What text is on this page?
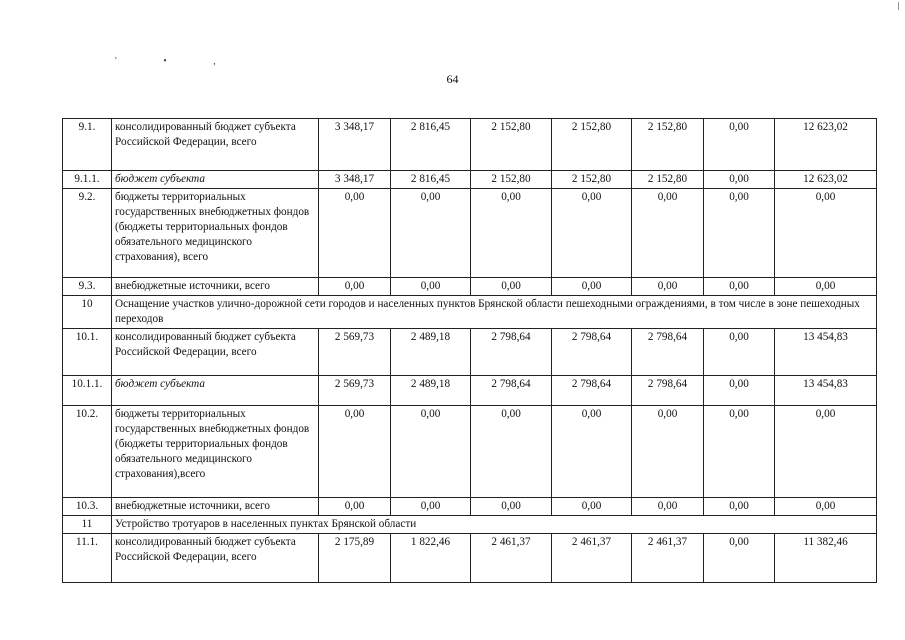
' • ,
64
9.1.	консолидированный бюджет субъекта Российской Федерации, всего	3 348,17	2 816,45	2 152,80	2 152,80	2 152,80	0,00	12 623,02
9.1.1.	бюджет субъекта	3 348,17	2 816,45	2 152,80	2 152,80	2 152,80	0,00	12 623,02
9.2.	бюджеты территориальных государственных внебюджетных фондов (бюджеты территориальных фондов обязательного медицинского страхования), всего	0,00	0,00	0,00	0,00	0,00	0,00	0,00
9.3.	внебюджетные источники, всего	0,00	0,00	0,00	0,00	0,00	0,00	0,00
10	Оснащение участков улично-дорожной сети городов и населенных пунктов Брянской области пешеходными ограждениями, в том числе в зоне пешеходных переходов							
10.1.	консолидированный бюджет субъекта Российской Федерации, всего	2 569,73	2 489,18	2 798,64	2 798,64	2 798,64	0,00	13 454,83
10.1.1.	бюджет субъекта	2 569,73	2 489,18	2 798,64	2 798,64	2 798,64	0,00	13 454,83
10.2.	бюджеты территориальных государственных внебюджетных фондов (бюджеты территориальных фондов обязательного медицинского страхования),всего	0,00	0,00	0,00	0,00	0,00	0,00	0,00
10.3.	внебюджетные источники, всего	0,00	0,00	0,00	0,00	0,00	0,00	0,00
11	Устройство тротуаров в населенных пунктах Брянской области							
11.1.	консолидированный бюджет субъекта Российской Федерации, всего	2 175,89	1 822,46	2 461,37	2 461,37	2 461,37	0,00	11 382,46
